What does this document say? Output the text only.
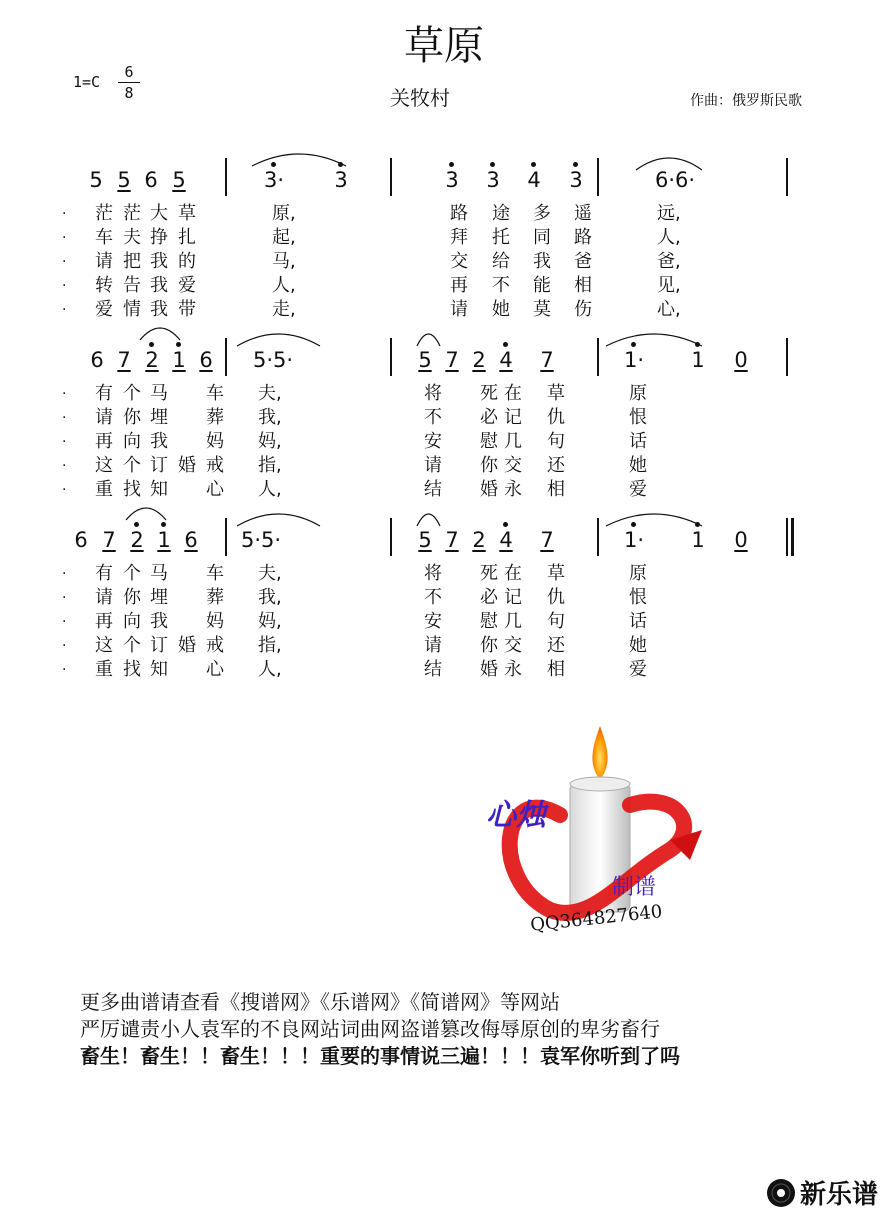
草原
1=C
6
8	关牧村	作曲：俄罗斯民歌
5 5 6 5	3· 3	3 3 4 3	6·6·
· 茫 茫 大 草	原,	路 途 多 遥	远,
· 车 夫 挣 扎	起,	拜 托 同 路	人,
· 请 把 我 的	马,	交 给 我 爸	爸,
· 转 告 我 爱	人,	再 不 能 相	见,
· 爱 情 我 带	走,	请 她 莫 伤	心,
6 7 2 1 6	5·5·	5 7 2 4 7	1· 1 0
· 有 个 马 车 夫,	将 死 在 草	原
· 请 你 埋 葬 我,	不 必 记 仇	恨
· 再 向 我 妈 妈,	安 慰 几 句	话
· 这 个 订 婚 戒 指,	请 你 交 还	她
· 重 找 知 心 人,	结 婚 永 相	爱
6 7 2 1 6	5·5·	5 7 2 4 7	1· 1 0
· 有 个 马 车 夫,	将 死 在 草	原
· 请 你 埋 葬 我,	不 必 记 仇	恨
· 再 向 我 妈 妈,	安 慰 几 句	话
· 这 个 订 婚 戒 指,	请 你 交 还	她
· 重 找 知 心 人,	结 婚 永 相	爱
心烛
制谱
QQ364827640
更多曲谱请查看《搜谱网》《乐谱网》《简谱网》等网站
严厉谴责小人袁军的不良网站词曲网盗谱篡改侮辱原创的卑劣畜行
畜生！畜生！！畜生！！！重要的事情说三遍！！！袁军你听到了吗
新乐谱
